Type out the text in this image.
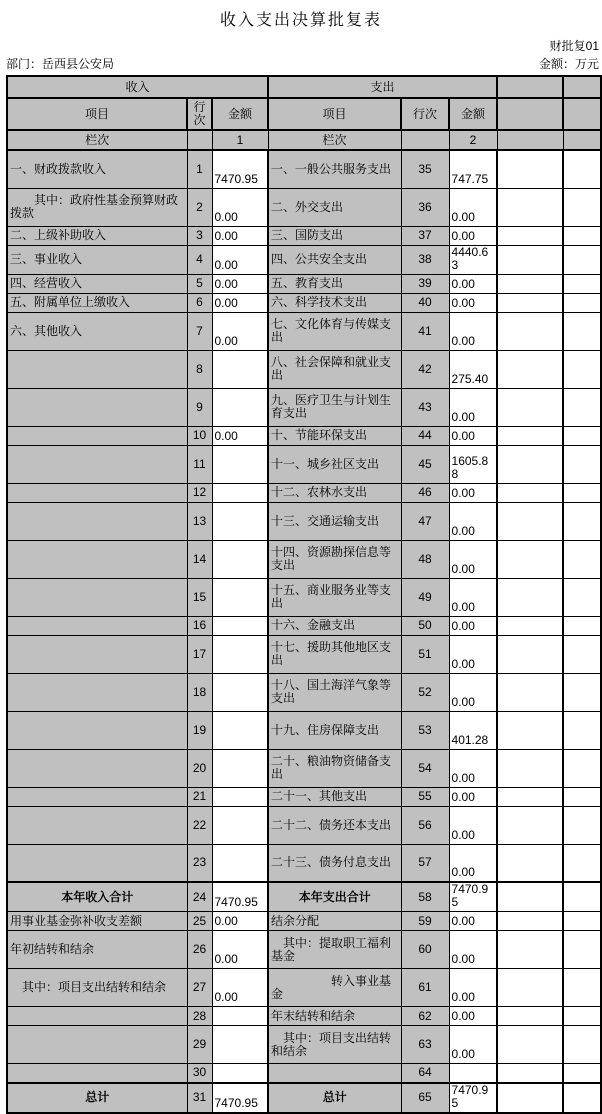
收入支出决算批复表
财批复01
部门：岳西县公安局	金额：万元
收入			支出				
项目	行次	金额	项目	行次	金额		
栏次		1	栏次		2		
一、财政拨款收入	1	7470.95	一、一般公共服务支出	35	747.75		
　　其中：政府性基金预算财政拨款	2	0.00	二、外交支出	36	0.00		
二、上级补助收入	3	0.00	三、国防支出	37	0.00		
三、事业收入	4	0.00	四、公共安全支出	38	4440.63		
四、经营收入	5	0.00	五、教育支出	39	0.00		
五、附属单位上缴收入	6	0.00	六、科学技术支出	40	0.00		
六、其他收入	7	0.00	七、文化体育与传媒支出	41	0.00		
	8		八、社会保障和就业支出	42	275.40		
	9		九、医疗卫生与计划生育支出	43	0.00		
	10	0.00	十、节能环保支出	44	0.00		
	11		十一、城乡社区支出	45	1605.88		
	12		十二、农林水支出	46	0.00		
	13		十三、交通运输支出	47	0.00		
	14		十四、资源勘探信息等支出	48	0.00		
	15		十五、商业服务业等支出	49	0.00		
	16		十六、金融支出	50	0.00		
	17		十七、援助其他地区支出	51	0.00		
	18		十八、国土海洋气象等支出	52	0.00		
	19		十九、住房保障支出	53	401.28		
	20		二十、粮油物资储备支出	54	0.00		
	21		二十一、其他支出	55	0.00		
	22		二十二、债务还本支出	56	0.00		
	23		二十三、债务付息支出	57	0.00		
本年收入合计	24	7470.95	本年支出合计	58	7470.95		
用事业基金弥补收支差额	25	0.00	结余分配	59	0.00		
年初结转和结余	26	0.00	　其中：提取职工福利基金	60	0.00		
　其中：项目支出结转和结余	27	0.00	　　　　　转入事业基金	61	0.00		
	28		年末结转和结余	62	0.00		
	29		　其中：项目支出结转和结余	63	0.00		
	30			64			
总计	31	7470.95	总计	65	7470.95		
